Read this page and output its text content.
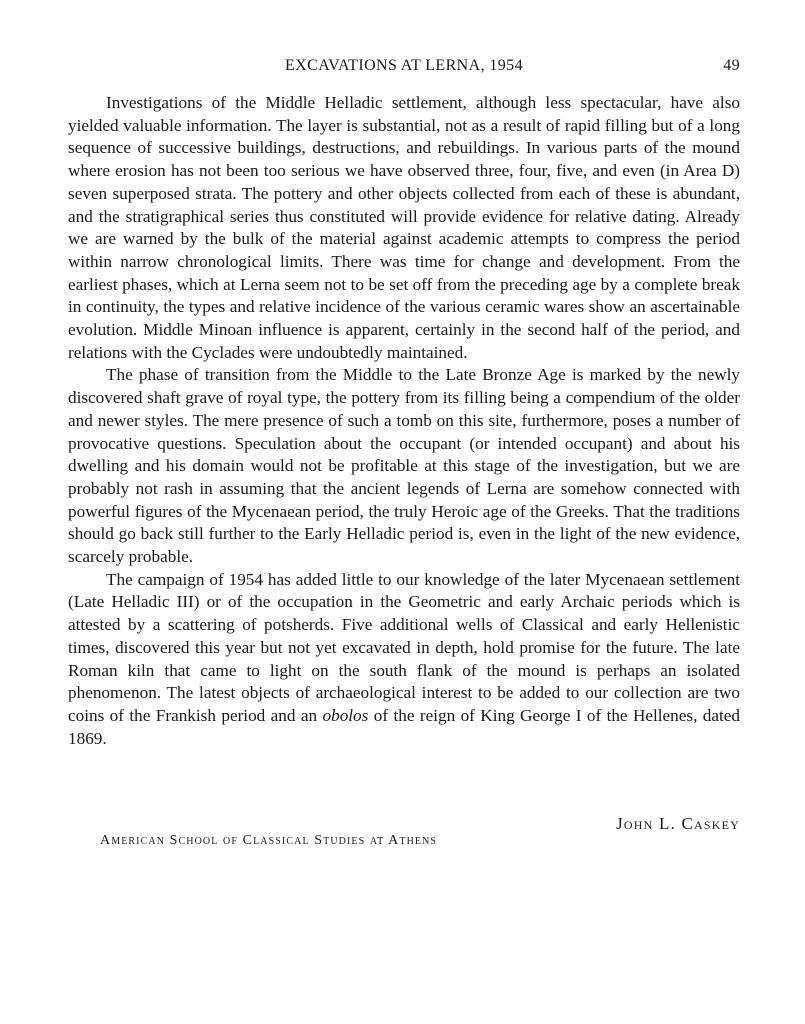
EXCAVATIONS AT LERNA, 1954	49

Investigations of the Middle Helladic settlement, although less spectacular, have also yielded valuable information. The layer is substantial, not as a result of rapid filling but of a long sequence of successive buildings, destructions, and rebuildings. In various parts of the mound where erosion has not been too serious we have observed three, four, five, and even (in Area D) seven superposed strata. The pottery and other objects collected from each of these is abundant, and the stratigraphical series thus constituted will provide evidence for relative dating. Already we are warned by the bulk of the material against academic attempts to compress the period within narrow chronological limits. There was time for change and development. From the earliest phases, which at Lerna seem not to be set off from the preceding age by a complete break in continuity, the types and relative incidence of the various ceramic wares show an ascertainable evolution. Middle Minoan influence is apparent, certainly in the second half of the period, and relations with the Cyclades were undoubtedly maintained.

The phase of transition from the Middle to the Late Bronze Age is marked by the newly discovered shaft grave of royal type, the pottery from its filling being a compendium of the older and newer styles. The mere presence of such a tomb on this site, furthermore, poses a number of provocative questions. Speculation about the occupant (or intended occupant) and about his dwelling and his domain would not be profitable at this stage of the investigation, but we are probably not rash in assuming that the ancient legends of Lerna are somehow connected with powerful figures of the Mycenaean period, the truly Heroic age of the Greeks. That the traditions should go back still further to the Early Helladic period is, even in the light of the new evidence, scarcely probable.

The campaign of 1954 has added little to our knowledge of the later Mycenaean settlement (Late Helladic III) or of the occupation in the Geometric and early Archaic periods which is attested by a scattering of potsherds. Five additional wells of Classical and early Hellenistic times, discovered this year but not yet excavated in depth, hold promise for the future. The late Roman kiln that came to light on the south flank of the mound is perhaps an isolated phenomenon. The latest objects of archaeological interest to be added to our collection are two coins of the Frankish period and an obolos of the reign of King George I of the Hellenes, dated 1869.

John L. Caskey
American School of Classical Studies at Athens
